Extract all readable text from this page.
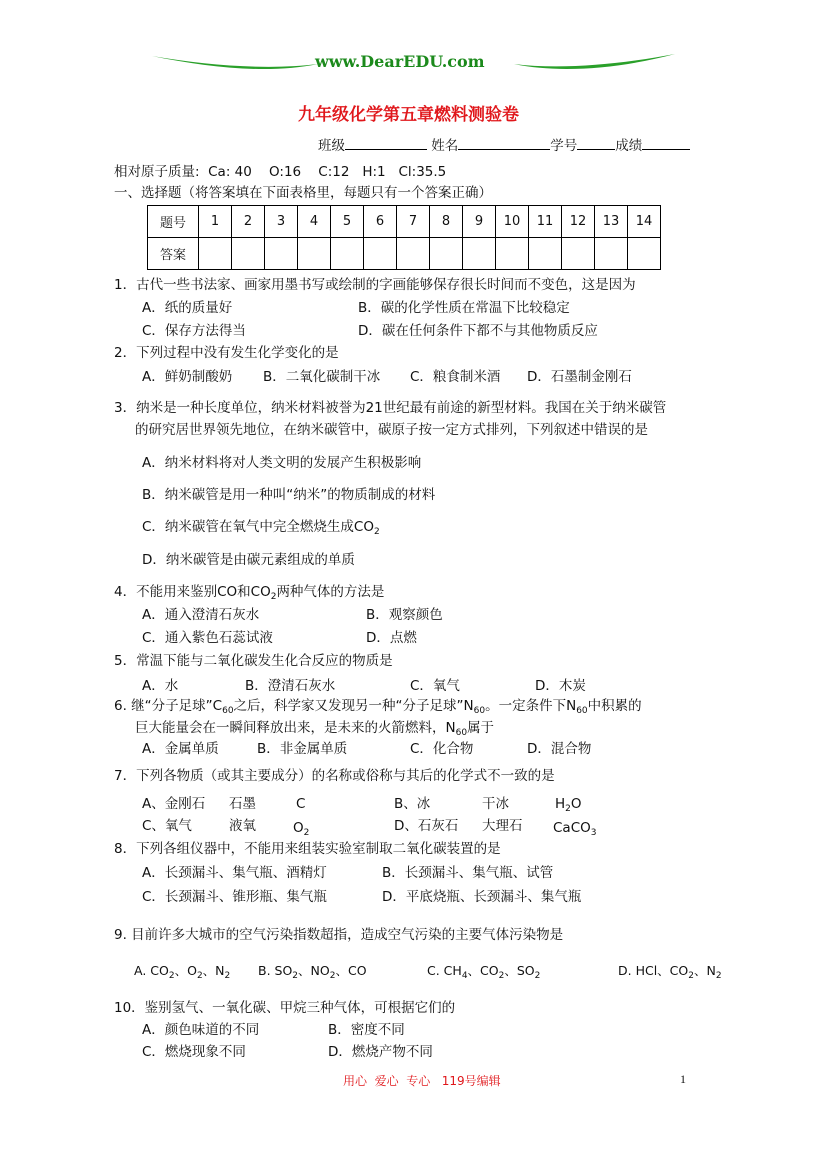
www.DearEDU.com
九年级化学第五章燃料测验卷
班级	姓名	学号	成绩
相对原子质量:  Ca: 40    O:16    C:12   H:1   Cl:35.5
一、选择题（将答案填在下面表格里，每题只有一个答案正确）
题号	1	2	3	4	5	6	7	8	9	10	11	12	13	14
答案														
1．古代一些书法家、画家用墨书写或绘制的字画能够保存很长时间而不变色，这是因为
A．纸的质量好	B．碳的化学性质在常温下比较稳定
C．保存方法得当	D．碳在任何条件下都不与其他物质反应
2．下列过程中没有发生化学变化的是
A．鲜奶制酸奶 B．二氧化碳制干冰 C．粮食制米酒 D．石墨制金刚石
3．纳米是一种长度单位，纳米材料被誉为21世纪最有前途的新型材料。我国在关于纳米碳管
的研究居世界领先地位，在纳米碳管中，碳原子按一定方式排列，下列叙述中错误的是
A．纳米材料将对人类文明的发展产生积极影响
B．纳米碳管是用一种叫“纳米”的物质制成的材料
C．纳米碳管在氧气中完全燃烧生成$CO_2$
D．纳米碳管是由碳元素组成的单质
4．不能用来鉴别CO和$CO_2$两种气体的方法是
A．通入澄清石灰水	B．观察颜色
C．通入紫色石蕊试液	D．点燃
5．常温下能与二氧化碳发生化合反应的物质是
A．水	B．澄清石灰水	C．氧气	D．木炭
6. 继“分子足球$”C_{60}$之后，科学家又发现另一种“分子足球$”N_{60}$。一定条件下$N_{60}$中积累的
巨大能量会在一瞬间释放出来，是未来的火箭燃料，$N_{60}$属于
A．金属单质	B．非金属单质	C．化合物	D．混合物
7．下列各物质（或其主要成分）的名称或俗称与其后的化学式不一致的是
A、金刚石 石墨	C	B、冰	干冰	$H_2O$
C、氧气	液氧	$O_2$	D、石灰石 大理石 CaCO$_3$
8．下列各组仪器中，不能用来组装实验室制取二氧化碳装置的是
A．长颈漏斗、集气瓶、酒精灯	B．长颈漏斗、集气瓶、试管
C．长颈漏斗、锥形瓶、集气瓶	D．平底烧瓶、长颈漏斗、集气瓶
9. 目前许多大城市的空气污染指数超指，造成空气污染的主要气体污染物是
A. $CO_2$、$O_2$、$N_2$ B. $SO_2$、$NO_2$、CO	C. $CH_4$、$CO_2$、$SO_2$	D. HCl、$CO_2$、$N_2$
10．鉴别氢气、一氧化碳、甲烷三种气体，可根据它们的
A．颜色味道的不同	B．密度不同
C．燃烧现象不同	D．燃烧产物不同
用心  爱心  专心   119号编辑	1
